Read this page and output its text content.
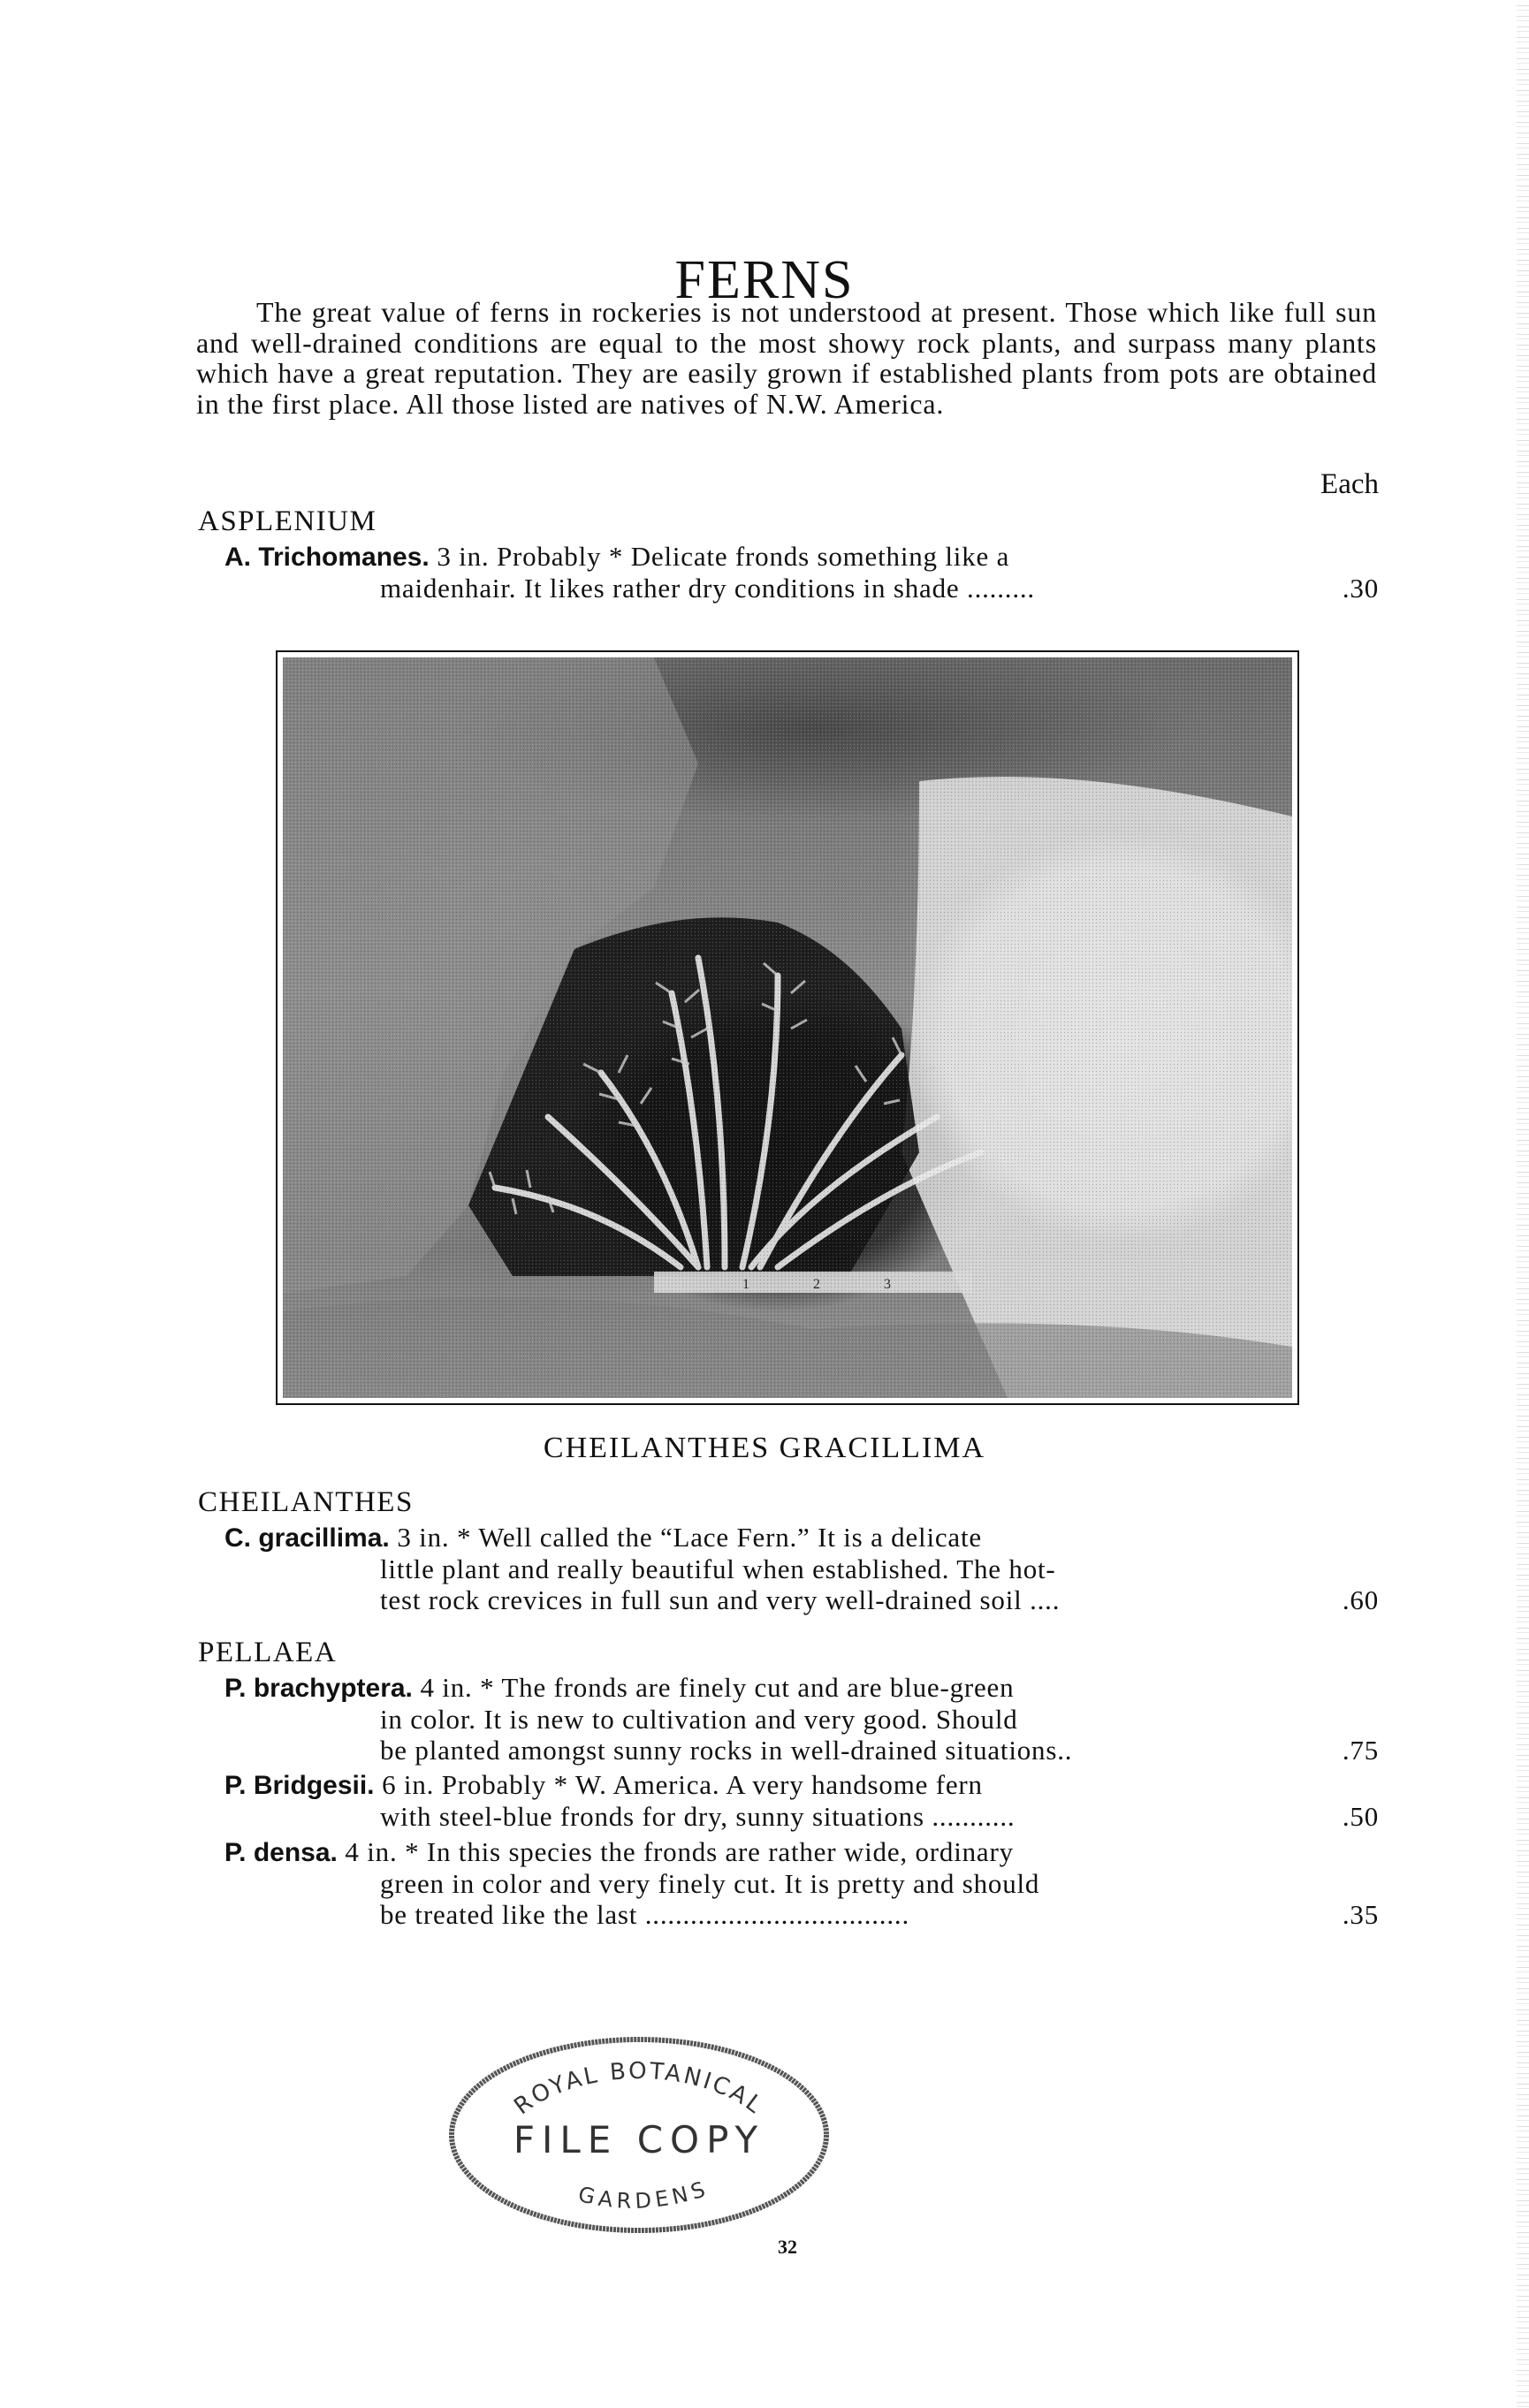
FERNS

The great value of ferns in rockeries is not understood at present. Those which like full sun and well-drained conditions are equal to the most showy rock plants, and surpass many plants which have a great reputation. They are easily grown if established plants from pots are obtained in the first place. All those listed are natives of N.W. America.

Each
ASPLENIUM
A. Trichomanes. 3 in. Probably * Delicate fronds something like a
maidenhair. It likes rather dry conditions in shade .........	.30
CHEILANTHES GRACILLIMA
CHEILANTHES
C. gracillima. 3 in. * Well called the “Lace Fern.” It is a delicate
little plant and really beautiful when established. The hot-
test rock crevices in full sun and very well-drained soil ....	.60
PELLAEA
P. brachyptera. 4 in. * The fronds are finely cut and are blue-green
in color. It is new to cultivation and very good. Should
be planted amongst sunny rocks in well-drained situations..	.75
P. Bridgesii. 6 in. Probably * W. America. A very handsome fern
with steel-blue fronds for dry, sunny situations ...........	.50
P. densa. 4 in. * In this species the fronds are rather wide, ordinary
green in color and very finely cut. It is pretty and should
be treated like the last ...................................	.35
ROYAL BOTANICAL
FILE COPY
GARDENS
32
